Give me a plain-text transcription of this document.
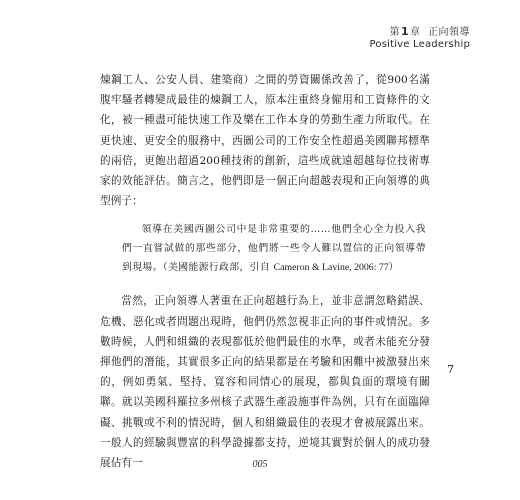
第1章 正向領導
Positive Leadership

煉鋼工人、公安人員、建築商）之間的勞資關係改善了，從900名滿腹牢騷者轉變成最佳的煉鋼工人，原本注重終身僱用和工資條件的文化，被一種盡可能快速工作及樂在工作本身的勞動生產力所取代。在更快速、更安全的服務中，西圖公司的工作安全性超過美國聯邦標準的兩倍，更飽出超過200種技術的創新，這些成就遠超越每位技術專家的效能評估。簡言之，他們即是一個正向超越表現和正向領導的典型例子：

領導在美國西圖公司中是非常重要的……他們全心全力投入我們一直嘗試做的那些部分，他們將一些令人難以置信的正向領導帶到現場。（美國能源行政部，引自 Cameron & Lavine, 2006: 77）

當然，正向領導人著重在正向超越行為上，並非意謂忽略錯誤、危機、惡化或者問題出現時，他們仍然忽視非正向的事件或情況。多數時候，人們和組織的表現都低於他們最佳的水準，或者未能充分發揮他們的潛能，其實很多正向的結果都是在考驗和困難中被激發出來的，例如勇氣、堅持、寬容和同情心的展現，都與負面的環境有關聯。就以美國科羅拉多州核子武器生產設施事件為例，只有在面臨障礙、挑戰或不利的情況時，個人和組織最佳的表現才會被展露出來。一般人的經驗與豐富的科學證據都支持，逆境其實對於個人的成功發展佔有一

7
005
